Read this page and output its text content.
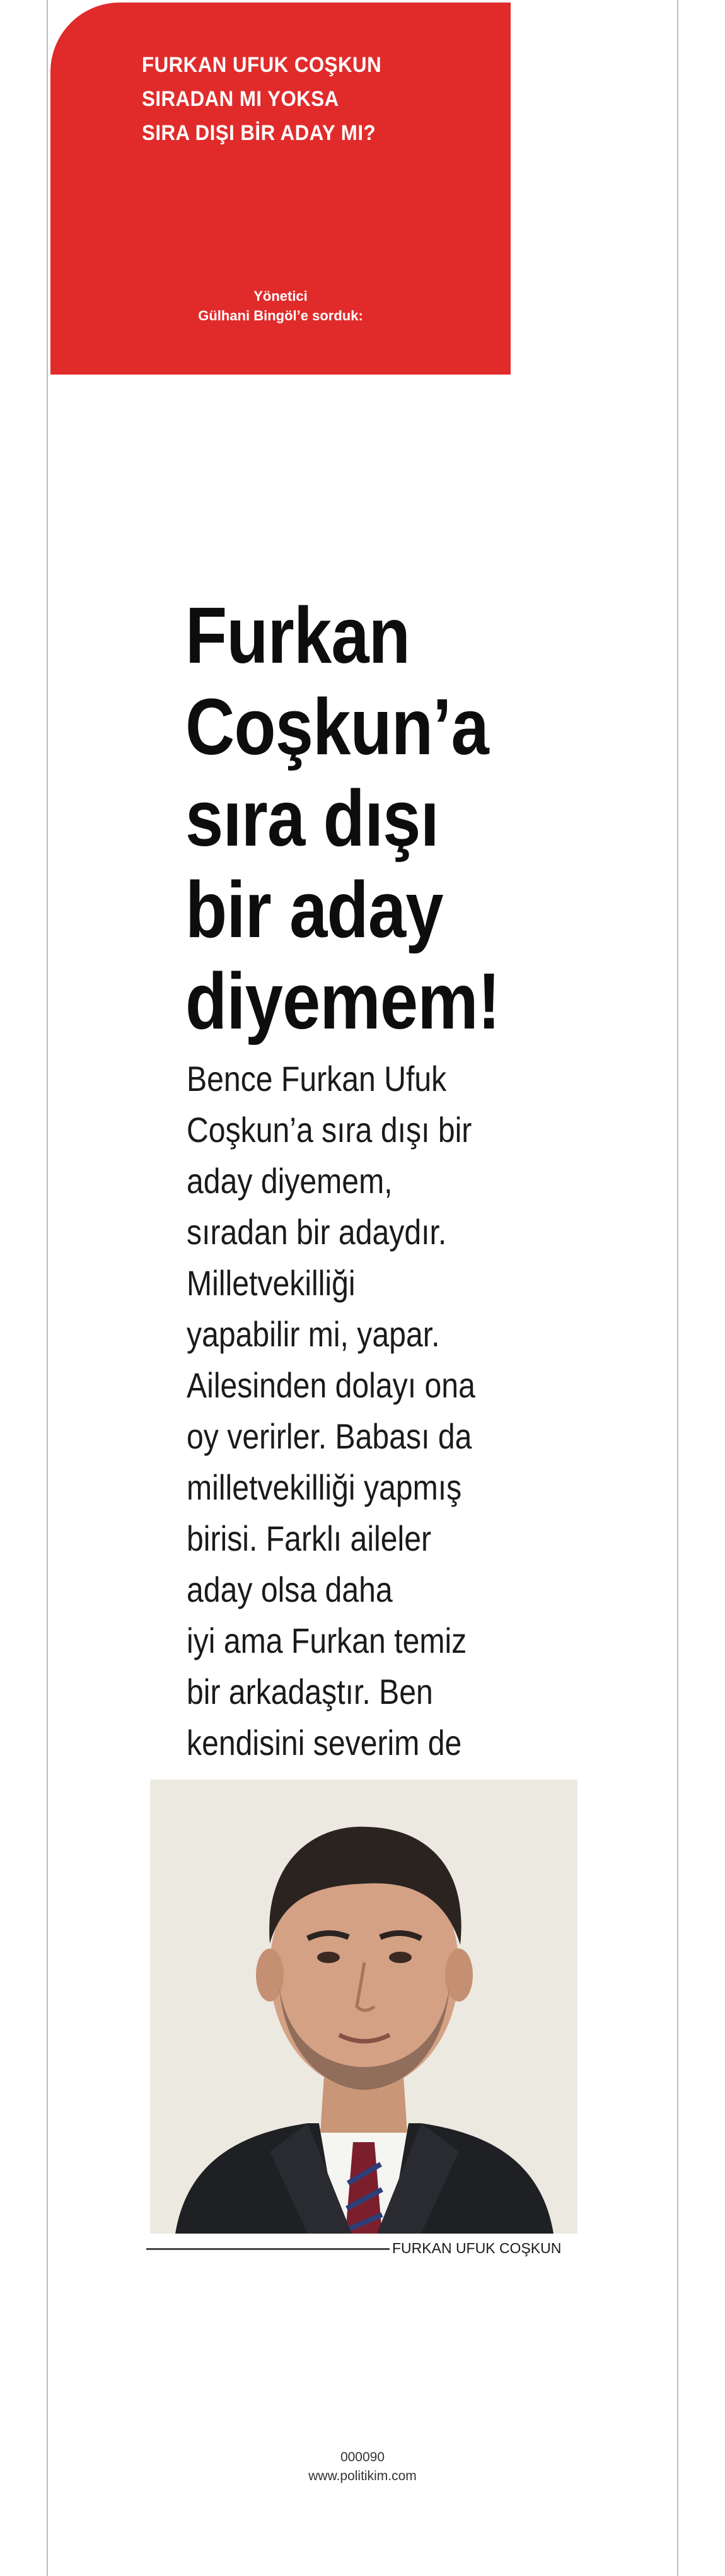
FURKAN UFUK COŞKUN
SIRADAN MI YOKSA
SIRA DIŞI BİR ADAY MI?
Yönetici
Gülhani Bingöl’e sorduk:
Furkan
Coşkun’a
sıra dışı
bir aday
diyemem!
Bence Furkan Ufuk
Coşkun’a sıra dışı bir
aday diyemem,
sıradan bir adaydır.
Milletvekilliği
yapabilir mi, yapar.
Ailesinden dolayı ona
oy verirler. Babası da
milletvekilliği yapmış
birisi. Farklı aileler
aday olsa daha
iyi ama Furkan temiz
bir arkadaştır. Ben
kendisini severim de
FURKAN UFUK COŞKUN
000090
www.politikim.com
